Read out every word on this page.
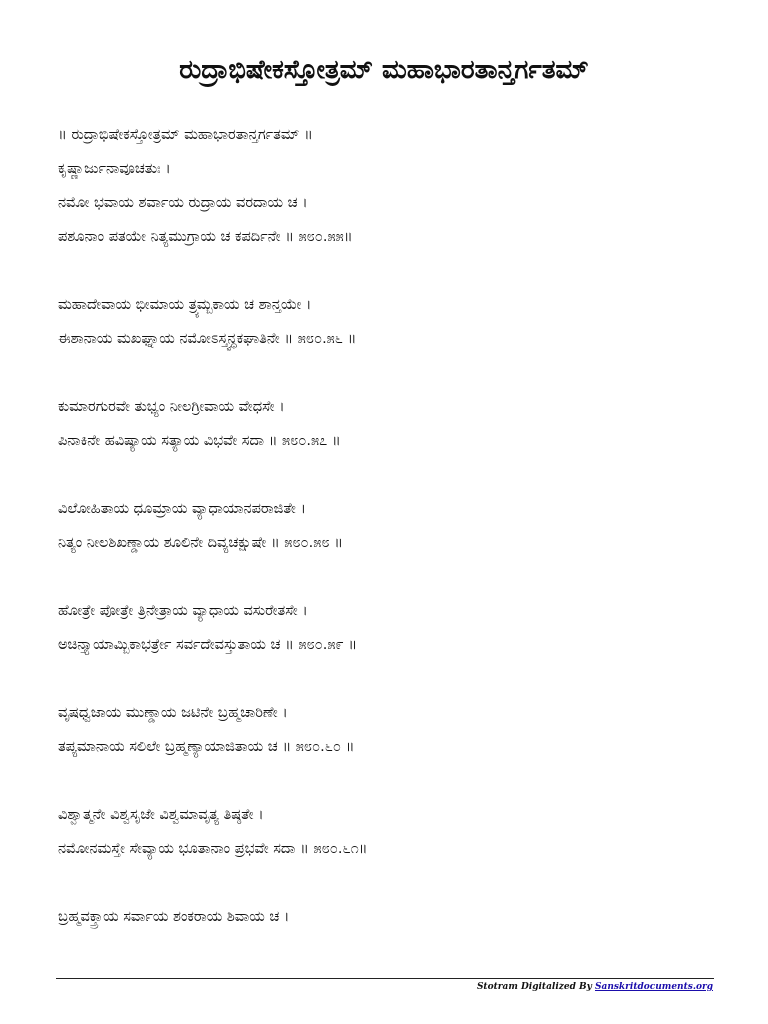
ರುದ್ರಾಭಿಷೇಕಸ್ತೋತ್ರಮ್ ಮಹಾಭಾರತಾನ್ತರ್ಗತಮ್
॥ ರುದ್ರಾಭಿಷೇಕಸ್ತೋತ್ರಮ್ ಮಹಾಭಾರತಾನ್ತರ್ಗತಮ್ ॥
ಕೃಷ್ಣಾರ್ಜುನಾವೂಚತುಃ ।
ನಮೋ ಭವಾಯ ಶರ್ವಾಯ ರುದ್ರಾಯ ವರದಾಯ ಚ ।
ಪಶೂನಾಂ ಪತಯೇ ನಿತ್ಯಮುಗ್ರಾಯ ಚ ಕಪರ್ದಿನೇ ॥ ೫೮೦.೫೫॥
ಮಹಾದೇವಾಯ ಭೀಮಾಯ ತ್ರ್ಯಮ್ಬಕಾಯ ಚ ಶಾನ್ತಯೇ ।
ಈಶಾನಾಯ ಮಖಘ್ನಾಯ ನಮೋಽಸ್ತ್ವನ್ಧಕಘಾತಿನೇ ॥ ೫೮೦.೫೬ ॥
ಕುಮಾರಗುರವೇ ತುಭ್ಯಂ ನೀಲಗ್ರೀವಾಯ ವೇಧಸೇ ।
ಪಿನಾಕಿನೇ ಹವಿಷ್ಯಾಯ ಸತ್ಯಾಯ ವಿಭವೇ ಸದಾ ॥ ೫೮೦.೫೭ ॥
ವಿಲೋಹಿತಾಯ ಧೂಮ್ರಾಯ ವ್ಯಾಧಾಯಾನಪರಾಜಿತೇ ।
ನಿತ್ಯಂ ನೀಲಶಿಖಣ್ಡಾಯ ಶೂಲಿನೇ ದಿವ್ಯಚಕ್ಷುಷೇ ॥ ೫೮೦.೫೮ ॥
ಹೋತ್ರೇ ಪೋತ್ರೇ ತ್ರಿನೇತ್ರಾಯ ವ್ಯಾಧಾಯ ವಸುರೇತಸೇ ।
ಅಚಿನ್ತ್ಯಾಯಾಮ್ಬಿಕಾಭರ್ತ್ರೇ ಸರ್ವದೇವಸ್ತುತಾಯ ಚ ॥ ೫೮೦.೫೯ ॥
ವೃಷಧ್ವಜಾಯ ಮುಣ್ಡಾಯ ಜಟಿನೇ ಬ್ರಹ್ಮಚಾರಿಣೇ ।
ತಪ್ಯಮಾನಾಯ ಸಲಿಲೇ ಬ್ರಹ್ಮಣ್ಯಾಯಾಜಿತಾಯ ಚ ॥ ೫೮೦.೬೦ ॥
ವಿಶ್ವಾತ್ಮನೇ ವಿಶ್ವಸೃಜೇ ವಿಶ್ವಮಾವೃತ್ಯ ತಿಷ್ಠತೇ ।
ನಮೋನಮಸ್ತೇ ಸೇವ್ಯಾಯ ಭೂತಾನಾಂ ಪ್ರಭವೇ ಸದಾ ॥ ೫೮೦.೬೧॥
ಬ್ರಹ್ಮವಕ್ತ್ರಾಯ ಸರ್ವಾಯ ಶಂಕರಾಯ ಶಿವಾಯ ಚ ।
Stotram Digitalized By Sanskritdocuments.org
